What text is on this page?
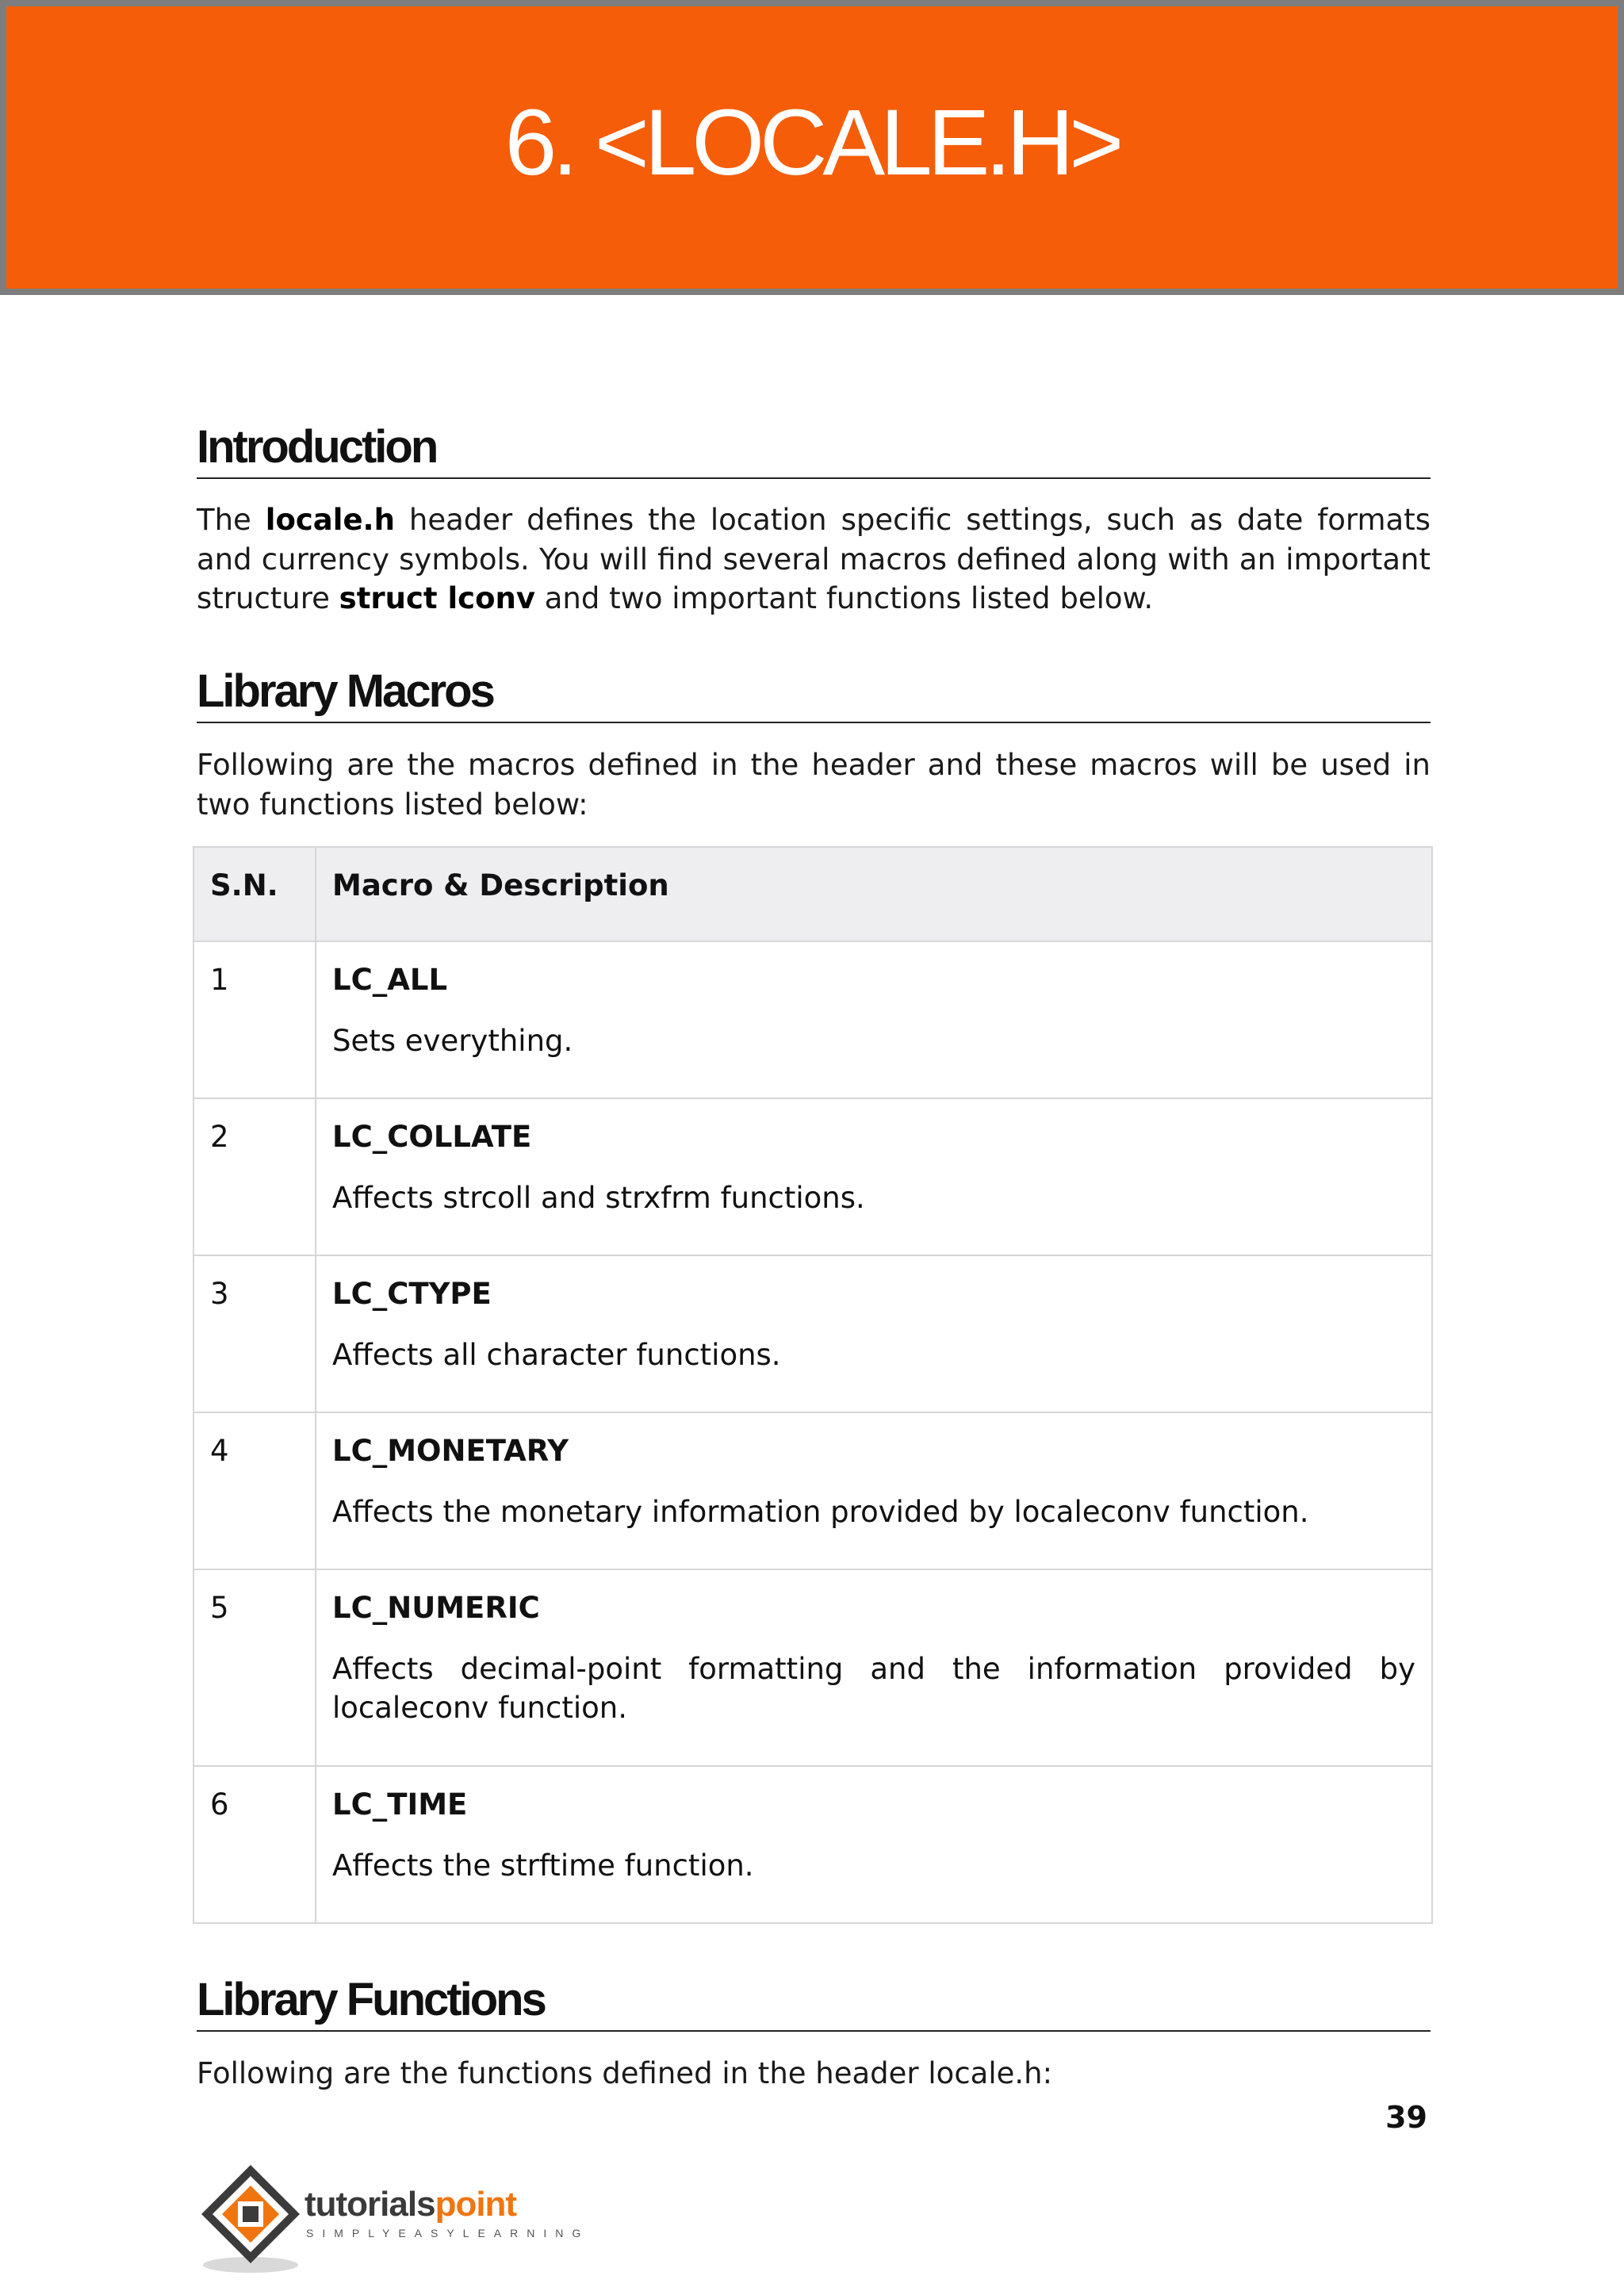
6. <LOCALE.H>
Introduction
The locale.h header defines the location specific settings, such as date formats and currency symbols. You will find several macros defined along with an important structure struct lconv and two important functions listed below.
Library Macros
Following are the macros defined in the header and these macros will be used in two functions listed below:
S.N.	Macro & Description
1	LC_ALL
Sets everything.

2	LC_COLLATE
Affects strcoll and strxfrm functions.

3	LC_CTYPE
Affects all character functions.

4	LC_MONETARY
Affects the monetary information provided by localeconv function.

5	LC_NUMERIC
Affects decimal-point formatting and the information provided by localeconv function.

6	LC_TIME
Affects the strftime function.
Library Functions
Following are the functions defined in the header locale.h:
39
tutorialspoint
SIMPLYEASYLEARNING
